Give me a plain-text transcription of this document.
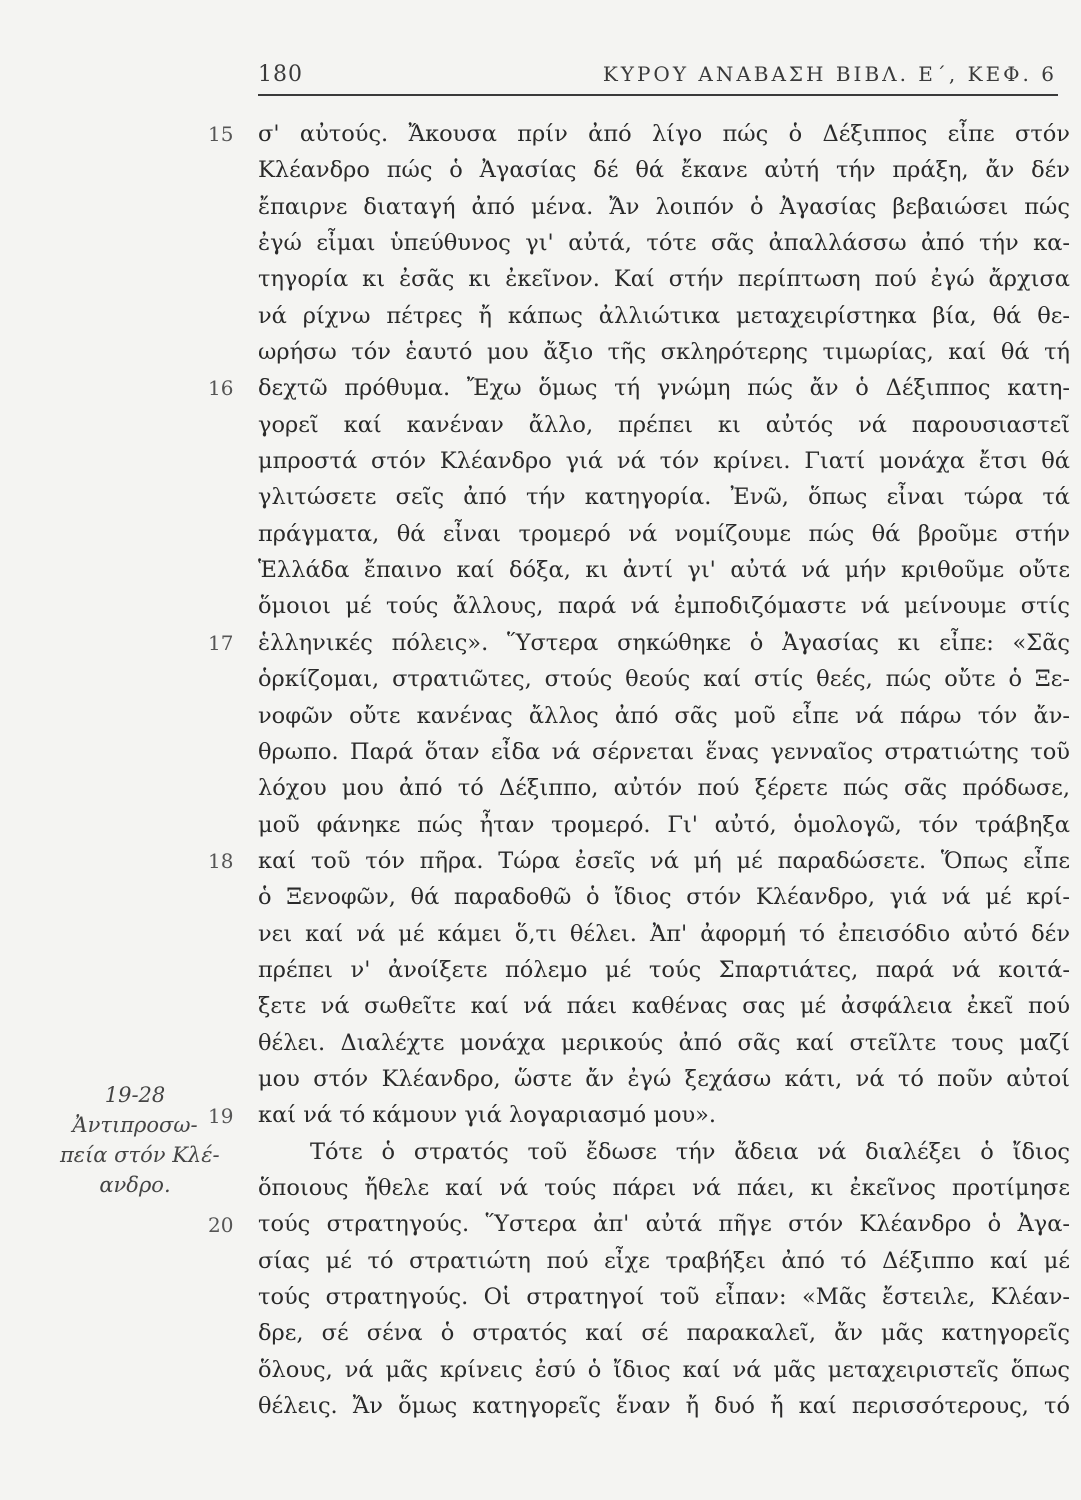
180	ΚΥΡΟΥ ΑΝΑΒΑΣΗ ΒΙΒΛ. Ε΄, ΚΕΦ. 6
15
16
17
18
19
20
19-28
Ἀντιπροσω-
πεία στόν Κλέ-
ανδρο.
σ' αὐτούς. Ἄκουσα πρίν ἀπό λίγο πώς ὁ Δέξιππος εἶπε στόν
Κλέανδρο πώς ὁ Ἀγασίας δέ θά ἔκανε αὐτή τήν πράξη, ἄν δέν
ἔπαιρνε διαταγή ἀπό μένα. Ἄν λοιπόν ὁ Ἀγασίας βεβαιώσει πώς
ἐγώ εἶμαι ὑπεύθυνος γι' αὐτά, τότε σᾶς ἀπαλλάσσω ἀπό τήν κα-
τηγορία κι ἐσᾶς κι ἐκεῖνον. Καί στήν περίπτωση πού ἐγώ ἄρχισα
νά ρίχνω πέτρες ἤ κάπως ἀλλιώτικα μεταχειρίστηκα βία, θά θε-
ωρήσω τόν ἑαυτό μου ἄξιο τῆς σκληρότερης τιμωρίας, καί θά τή
δεχτῶ πρόθυμα. Ἔχω ὅμως τή γνώμη πώς ἄν ὁ Δέξιππος κατη-
γορεῖ καί κανέναν ἄλλο, πρέπει κι αὐτός νά παρουσιαστεῖ
μπροστά στόν Κλέανδρο γιά νά τόν κρίνει. Γιατί μονάχα ἔτσι θά
γλιτώσετε σεῖς ἀπό τήν κατηγορία. Ἐνῶ, ὅπως εἶναι τώρα τά
πράγματα, θά εἶναι τρομερό νά νομίζουμε πώς θά βροῦμε στήν
Ἑλλάδα ἔπαινο καί δόξα, κι ἀντί γι' αὐτά νά μήν κριθοῦμε οὔτε
ὅμοιοι μέ τούς ἄλλους, παρά νά ἐμποδιζόμαστε νά μείνουμε στίς
ἑλληνικές πόλεις». Ὕστερα σηκώθηκε ὁ Ἀγασίας κι εἶπε: «Σᾶς
ὁρκίζομαι, στρατιῶτες, στούς θεούς καί στίς θεές, πώς οὔτε ὁ Ξε-
νοφῶν οὔτε κανένας ἄλλος ἀπό σᾶς μοῦ εἶπε νά πάρω τόν ἄν-
θρωπο. Παρά ὅταν εἶδα νά σέρνεται ἕνας γενναῖος στρατιώτης τοῦ
λόχου μου ἀπό τό Δέξιππο, αὐτόν πού ξέρετε πώς σᾶς πρόδωσε,
μοῦ φάνηκε πώς ἦταν τρομερό. Γι' αὐτό, ὁμολογῶ, τόν τράβηξα
καί τοῦ τόν πῆρα. Τώρα ἐσεῖς νά μή μέ παραδώσετε. Ὅπως εἶπε
ὁ Ξενοφῶν, θά παραδοθῶ ὁ ἴδιος στόν Κλέανδρο, γιά νά μέ κρί-
νει καί νά μέ κάμει ὅ,τι θέλει. Ἀπ' ἀφορμή τό ἐπεισόδιο αὐτό δέν
πρέπει ν' ἀνοίξετε πόλεμο μέ τούς Σπαρτιάτες, παρά νά κοιτά-
ξετε νά σωθεῖτε καί νά πάει καθένας σας μέ ἀσφάλεια ἐκεῖ πού
θέλει. Διαλέχτε μονάχα μερικούς ἀπό σᾶς καί στεῖλτε τους μαζί
μου στόν Κλέανδρο, ὥστε ἄν ἐγώ ξεχάσω κάτι, νά τό ποῦν αὐτοί
καί νά τό κάμουν γιά λογαριασμό μου».
Τότε ὁ στρατός τοῦ ἔδωσε τήν ἄδεια νά διαλέξει ὁ ἴδιος
ὅποιους ἤθελε καί νά τούς πάρει νά πάει, κι ἐκεῖνος προτίμησε
τούς στρατηγούς. Ὕστερα ἀπ' αὐτά πῆγε στόν Κλέανδρο ὁ Ἀγα-
σίας μέ τό στρατιώτη πού εἶχε τραβήξει ἀπό τό Δέξιππο καί μέ
τούς στρατηγούς. Οἱ στρατηγοί τοῦ εἶπαν: «Μᾶς ἔστειλε, Κλέαν-
δρε, σέ σένα ὁ στρατός καί σέ παρακαλεῖ, ἄν μᾶς κατηγορεῖς
ὅλους, νά μᾶς κρίνεις ἐσύ ὁ ἴδιος καί νά μᾶς μεταχειριστεῖς ὅπως
θέλεις. Ἄν ὅμως κατηγορεῖς ἕναν ἤ δυό ἤ καί περισσότερους, τό
